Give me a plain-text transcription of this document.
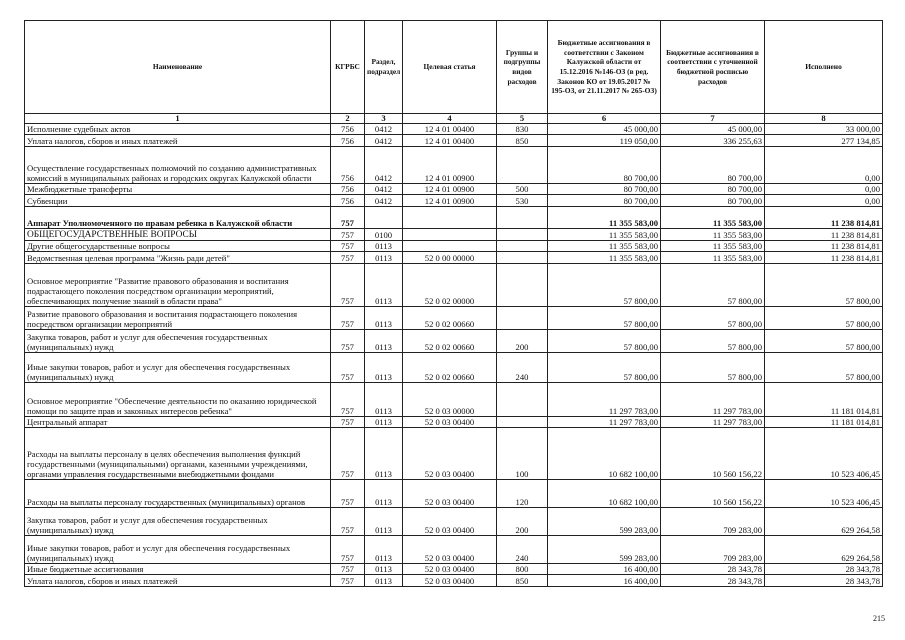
Наименование	КГРБС	Раздел, подраздел	Целевая статья	Группы и подгруппы видов расходов	Бюджетные ассигнования в соответствии с Законом Калужской области от 15.12.2016 №146-ОЗ (в ред. Законов КО от 19.05.2017 № 195-ОЗ, от 21.11.2017 № 265-ОЗ)	Бюджетные ассигнования в соответствии с уточненной бюджетной росписью расходов	Исполнено
1	2	3	4	5	6	7	8
Исполнение судебных актов	756	0412	12 4 01 00400	830	45 000,00	45 000,00	33 000,00
Уплата налогов, сборов и иных платежей	756	0412	12 4 01 00400	850	119 050,00	336 255,63	277 134,85
Осуществление государственных полномочий по созданию административных комиссий в муниципальных районах и городских округах Калужской области	756	0412	12 4 01 00900		80 700,00	80 700,00	0,00
Межбюджетные трансферты	756	0412	12 4 01 00900	500	80 700,00	80 700,00	0,00
Субвенции	756	0412	12 4 01 00900	530	80 700,00	80 700,00	0,00
Аппарат Уполномоченного по правам ребенка в Калужской области	757				11 355 583,00	11 355 583,00	11 238 814,81
ОБЩЕГОСУДАРСТВЕННЫЕ ВОПРОСЫ	757	0100			11 355 583,00	11 355 583,00	11 238 814,81
Другие общегосударственные вопросы	757	0113			11 355 583,00	11 355 583,00	11 238 814,81
Ведомственная целевая программа "Жизнь ради детей"	757	0113	52 0 00 00000		11 355 583,00	11 355 583,00	11 238 814,81
Основное мероприятие "Развитие правового образования и воспитания подрастающего поколения посредством организации мероприятий, обеспечивающих получение знаний в области права"	757	0113	52 0 02 00000		57 800,00	57 800,00	57 800,00
Развитие правового образования и воспитания подрастающего поколения посредством организации мероприятий	757	0113	52 0 02 00660		57 800,00	57 800,00	57 800,00
Закупка товаров, работ и услуг для обеспечения государственных (муниципальных) нужд	757	0113	52 0 02 00660	200	57 800,00	57 800,00	57 800,00
Иные закупки товаров, работ и услуг для обеспечения государственных (муниципальных) нужд	757	0113	52 0 02 00660	240	57 800,00	57 800,00	57 800,00
Основное мероприятие "Обеспечение деятельности по оказанию юридической помощи по защите прав и законных интересов ребенка"	757	0113	52 0 03 00000		11 297 783,00	11 297 783,00	11 181 014,81
Центральный аппарат	757	0113	52 0 03 00400		11 297 783,00	11 297 783,00	11 181 014,81
Расходы на выплаты персоналу в целях обеспечения выполнения функций государственными (муниципальными) органами, казенными учреждениями, органами управления государственными внебюджетными фондами	757	0113	52 0 03 00400	100	10 682 100,00	10 560 156,22	10 523 406,45
Расходы на выплаты персоналу государственных (муниципальных) органов	757	0113	52 0 03 00400	120	10 682 100,00	10 560 156,22	10 523 406,45
Закупка товаров, работ и услуг для обеспечения государственных (муниципальных) нужд	757	0113	52 0 03 00400	200	599 283,00	709 283,00	629 264,58
Иные закупки товаров, работ и услуг для обеспечения государственных (муниципальных) нужд	757	0113	52 0 03 00400	240	599 283,00	709 283,00	629 264,58
Иные бюджетные ассигнования	757	0113	52 0 03 00400	800	16 400,00	28 343,78	28 343,78
Уплата налогов, сборов и иных платежей	757	0113	52 0 03 00400	850	16 400,00	28 343,78	28 343,78
215
